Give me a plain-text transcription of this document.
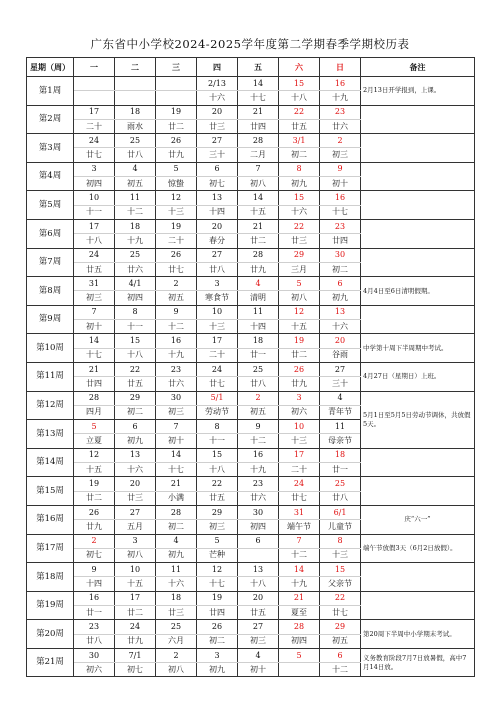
广东省中小学校2024-2025学年度第二学期春季学期校历表
星期（周）	一	二	三	四	五	六	日	备注
第1周				2/13	14	15	16	2月13日开学报到，上课。
				十六	十七	十八	十九	
第2周	17	18	19	20	21	22	23	
	二十	雨水	廿二	廿三	廿四	廿五	廿六	
第3周	24	25	26	27	28	3/1	2	
	廿七	廿八	廿九	三十	二月	初二	初三	
第4周	3	4	5	6	7	8	9	
	初四	初五	惊蛰	初七	初八	初九	初十	
第5周	10	11	12	13	14	15	16	
	十一	十二	十三	十四	十五	十六	十七	
第6周	17	18	19	20	21	22	23	
	十八	十九	二十	春分	廿二	廿三	廿四	
第7周	24	25	26	27	28	29	30	
	廿五	廿六	廿七	廿八	廿九	三月	初二	
第8周	31	4/1	2	3	4	5	6	4月4日至6日清明假期。
	初三	初四	初五	寒食节	清明	初八	初九	
第9周	7	8	9	10	11	12	13	
	初十	十一	十二	十三	十四	十五	十六	
第10周	14	15	16	17	18	19	20	中学第十周下半周期中考试。
	十七	十八	十九	二十	廿一	廿二	谷雨	
第11周	21	22	23	24	25	26	27	4月27日（星期日）上班。
	廿四	廿五	廿六	廿七	廿八	廿九	三十	
第12周	28	29	30	5/1	2	3	4	5月1日至5月5日劳动节调休，共放假5天。
	四月	初二	初三	劳动节	初五	初六	青年节	
第13周	5	6	7	8	9	10	11	
	立夏	初九	初十	十一	十二	十三	母亲节	
第14周	12	13	14	15	16	17	18	
	十五	十六	十七	十八	十九	二十	廿一	
第15周	19	20	21	22	23	24	25	
	廿二	廿三	小满	廿五	廿六	廿七	廿八	
第16周	26	27	28	29	30	31	6/1	庆“六一”
	廿九	五月	初二	初三	初四	端午节	儿童节	
第17周	2	3	4	5	6	7	8	端午节放假3天（6月2日放假）。
	初七	初八	初九	芒种		十二	十三	
第18周	9	10	11	12	13	14	15	
	十四	十五	十六	十七	十八	十九	父亲节	
第19周	16	17	18	19	20	21	22	
	廿一	廿二	廿三	廿四	廿五	夏至	廿七	
第20周	23	24	25	26	27	28	29	第20周下半周中小学期末考试。
	廿八	廿九	六月	初二	初三	初四	初五	
第21周	30	7/1	2	3	4	5	6	义务教育阶段7月7日放暑假，高中7月14日放。
	初六	初七	初八	初九	初十		十二	
